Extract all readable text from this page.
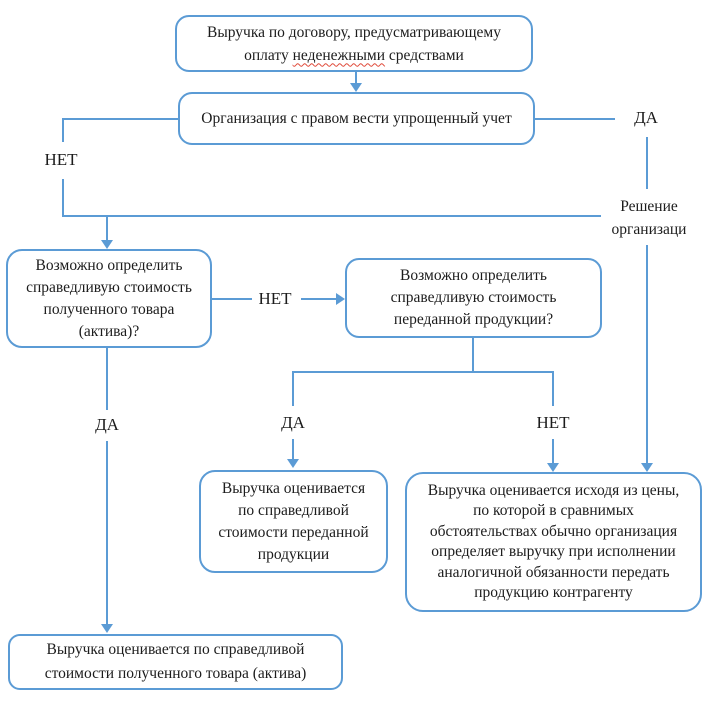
Выручка по договору, предусматривающему
оплату неденежными средствами
Организация с правом вести упрощенный учет
Возможно определить
справедливую стоимость
полученного товара
(актива)?
Возможно определить
справедливую стоимость
переданной продукции?
Выручка оценивается
по справедливой
стоимости переданной
продукции
Выручка оценивается исходя из цены,
по которой в сравнимых
обстоятельствах обычно организация
определяет выручку при исполнении
аналогичной обязанности передать
продукцию контрагенту
Выручка оценивается по справедливой
стоимости полученного товара (актива)
НЕТ
ДА
Решение
организаци
НЕТ
ДА	ДА	НЕТ
